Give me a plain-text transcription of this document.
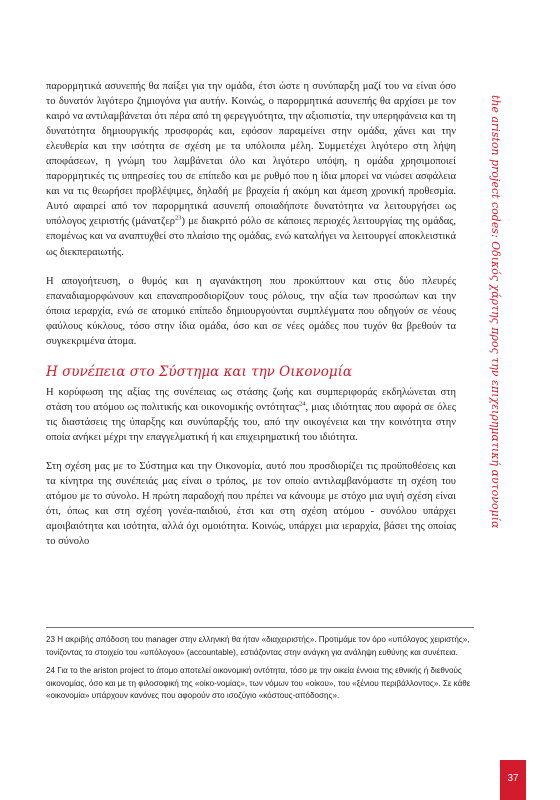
παρορμητικά ασυνεπής θα παίξει για την ομάδα, έτσι ώστε η συνύπαρξη μαζί του να είναι όσο το δυνατόν λιγότερο ζημιογόνα για αυτήν. Κοινώς, ο παρορμητικά ασυνεπής θα αρχίσει με τον καιρό να αντιλαμβάνεται ότι πέρα από τη φερεγγυότητα, την αξιοπιστία, την υπερηφάνεια και τη δυνατότητα δημιουργικής προσφοράς και, εφόσον παραμείνει στην ομάδα, χάνει και την ελευθερία και την ισότητα σε σχέση με τα υπόλοιπα μέλη. Συμμετέχει λιγότερο στη λήψη αποφάσεων, η γνώμη του λαμβάνεται όλο και λιγότερο υπόψη, η ομάδα χρησιμοποιεί παρορμητικές τις υπηρεσίες του σε επίπεδο και με ρυθμό που η ίδια μπορεί να νιώσει ασφάλεια και να τις θεωρήσει προβλέψιμες, δηλαδή με βραχεία ή ακόμη και άμεση χρονική προθεσμία. Αυτό αφαιρεί από τον παρορμητικά ασυνεπή οποιαδήποτε δυνατότητα να λειτουργήσει ως υπόλογος χειριστής (μάνατζερ$^{23}$) με διακριτό ρόλο σε κάποιες περιοχές λειτουργίας της ομάδας, επομένως και να αναπτυχθεί στο πλαίσιο της ομάδας, ενώ καταλήγει να λειτουργεί αποκλειστικά ως διεκπεραιωτής.

Η απογοήτευση, ο θυμός και η αγανάκτηση που προκύπτουν και στις δύο πλευρές επαναδιαμορφώνουν και επαναπροσδιορίζουν τους ρόλους, την αξία των προσώπων και την όποια ιεραρχία, ενώ σε ατομικό επίπεδο δημιουργούνται συμπλέγματα που οδηγούν σε νέους φαύλους κύκλους, τόσο στην ίδια ομάδα, όσο και σε νέες ομάδες που τυχόν θα βρεθούν τα συγκεκριμένα άτομα.

Η συνέπεια στο Σύστημα και την Οικονομία

Η κορύφωση της αξίας της συνέπειας ως στάσης ζωής και συμπεριφοράς εκδηλώνεται στη στάση του ατόμου ως πολιτικής και οικονομικής οντότητας$^{24}$, μιας ιδιότητας που αφορά σε όλες τις διαστάσεις της ύπαρξης και συνύπαρξής του, από την οικογένεια και την κοινότητα στην οποία ανήκει μέχρι την επαγγελματική ή και επιχειρηματική του ιδιότητα.

Στη σχέση μας με το Σύστημα και την Οικονομία, αυτό που προσδιορίζει τις προϋποθέσεις και τα κίνητρα της συνέπειάς μας είναι ο τρόπος, με τον οποίο αντιλαμβανόμαστε τη σχέση του ατόμου με το σύνολο. Η πρώτη παραδοχή που πρέπει να κάνουμε με στόχο μια υγιή σχέση είναι ότι, όπως και στη σχέση γονέα-παιδιού, έτσι και στη σχέση ατόμου - συνόλου υπάρχει αμοιβαιότητα και ισότητα, αλλά όχι ομοιότητα. Κοινώς, υπάρχει μια ιεραρχία, βάσει της οποίας το σύνολο

23 Η ακριβής απόδοση του manager στην ελληνική θα ήταν «διαχειριστής». Προτιμάμε τον όρο «υπόλογος χειριστής», τονίζοντας το στοιχείο του «υπόλογου» (accountable), εστιάζοντας στην ανάγκη για ανάληψη ευθύνης και συνέπεια.

24 Για το the ariston project το άτομο αποτελεί οικονομική οντότητα, τόσο με την οικεία έννοια της εθνικής ή διεθνούς οικονομίας, όσο και με τη φιλοσοφική της «οίκο-νομίας», των νόμων του «οίκου», του «ξένιου περιβάλλοντος». Σε κάθε «οικονομία» υπάρχουν κανόνες που αφορούν στο ισοζύγιο «κόστους-απόδοσης».

the ariston project codes: Οδικός χάρτης προς την επιχειρηματική αυτονομία
37
